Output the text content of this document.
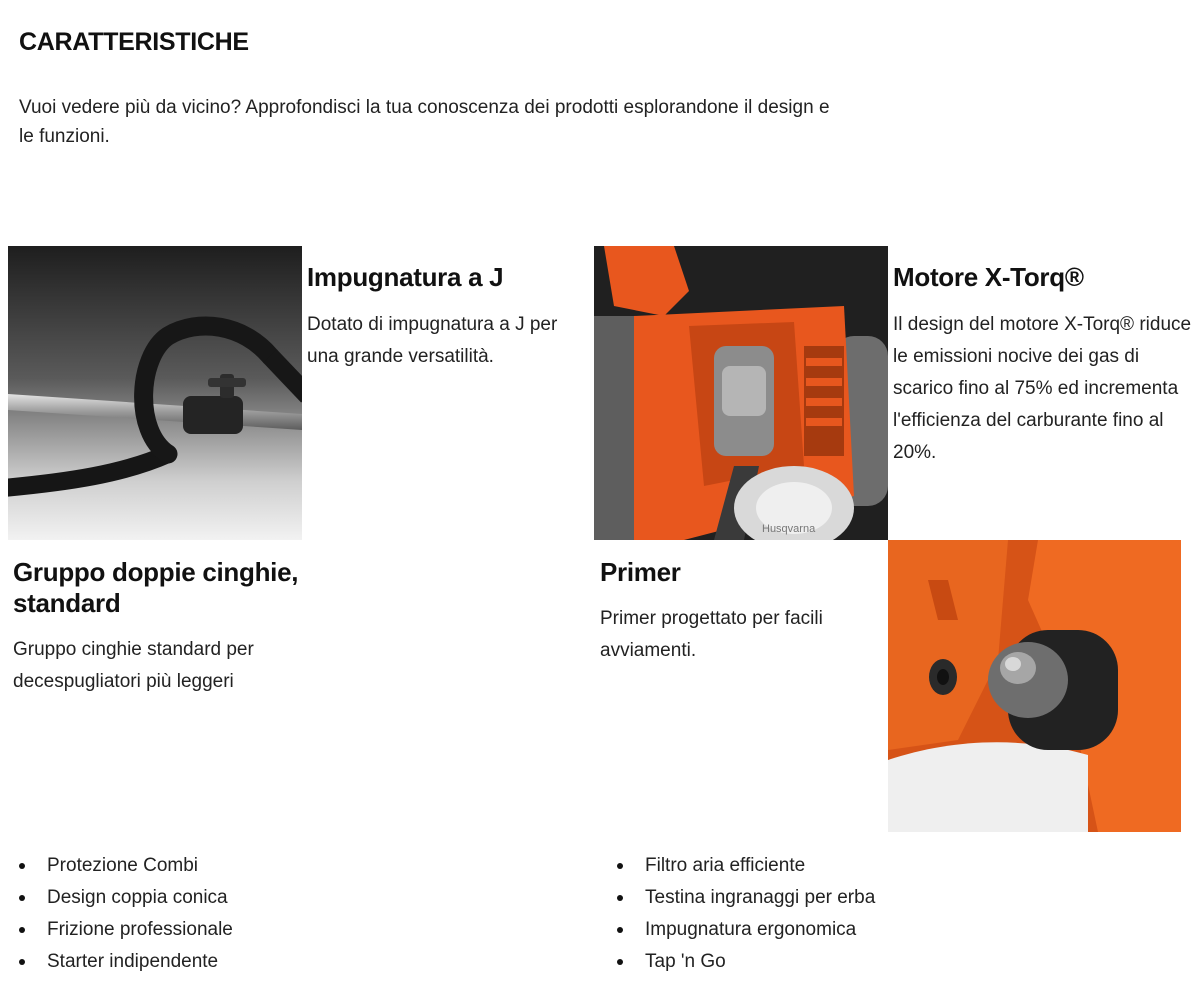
CARATTERISTICHE

Vuoi vedere più da vicino? Approfondisci la tua conoscenza dei prodotti esplorandone il design e le funzioni.

Impugnatura a J

Dotato di impugnatura a J per una grande versatilità.

Husqvarna
Motore X-Torq®

Il design del motore X-Torq® riduce le emissioni nocive dei gas di scarico fino al 75% ed incrementa l'efficienza del carburante fino al 20%.

Gruppo doppie cinghie, standard

Gruppo cinghie standard per decespugliatori più leggeri

Primer

Primer progettato per facili avviamenti.

Protezione Combi
Design coppia conica
Frizione professionale
Starter indipendente
Filtro aria efficiente
Testina ingranaggi per erba
Impugnatura ergonomica
Tap 'n Go
